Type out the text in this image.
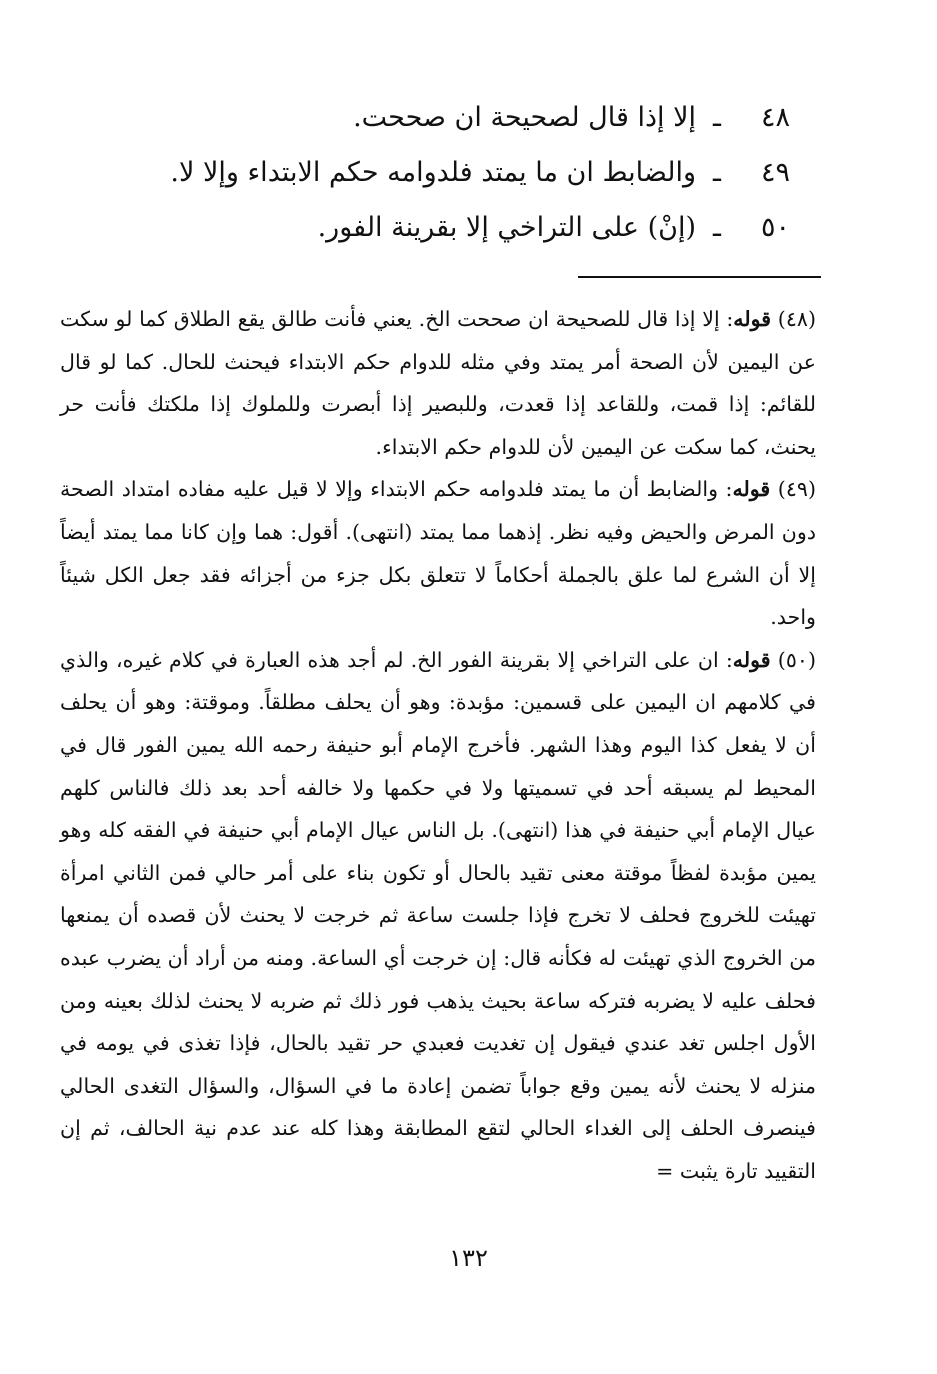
٤٨
ـ
إلا إذا قال لصحيحة ان صححت.
٤٩
ـ
والضابط ان ما يمتد فلدوامه حكم الابتداء وإلا لا.
٥٠
ـ
(إنْ) على التراخي إلا بقرينة الفور.

(٤٨) قوله: إلا إذا قال للصحيحة ان صححت الخ. يعني فأنت طالق يقع الطلاق كما لو سكت عن اليمين لأن الصحة أمر يمتد وفي مثله للدوام حكم الابتداء فيحنث للحال. كما لو قال للقائم: إذا قمت، وللقاعد إذا قعدت، وللبصير إذا أبصرت وللملوك إذا ملكتك فأنت حر يحنث، كما سكت عن اليمين لأن للدوام حكم الابتداء.

(٤٩) قوله: والضابط أن ما يمتد فلدوامه حكم الابتداء وإلا لا قيل عليه مفاده امتداد الصحة دون المرض والحيض وفيه نظر. إذهما مما يمتد (انتهى). أقول: هما وإن كانا مما يمتد أيضاً إلا أن الشرع لما علق بالجملة أحكاماً لا تتعلق بكل جزء من أجزائه فقد جعل الكل شيئاً واحد.

(٥٠) قوله: ان على التراخي إلا بقرينة الفور الخ. لم أجد هذه العبارة في كلام غيره، والذي في كلامهم ان اليمين على قسمين: مؤبدة: وهو أن يحلف مطلقاً. وموقتة: وهو أن يحلف أن لا يفعل كذا اليوم وهذا الشهر. فأخرج الإمام أبو حنيفة رحمه الله يمين الفور قال في المحيط لم يسبقه أحد في تسميتها ولا في حكمها ولا خالفه أحد بعد ذلك فالناس كلهم عيال الإمام أبي حنيفة في هذا (انتهى). بل الناس عيال الإمام أبي حنيفة في الفقه كله وهو يمين مؤبدة لفظاً موقتة معنى تقيد بالحال أو تكون بناء على أمر حالي فمن الثاني امرأة تهيئت للخروج فحلف لا تخرج فإذا جلست ساعة ثم خرجت لا يحنث لأن قصده أن يمنعها من الخروج الذي تهيئت له فكأنه قال: إن خرجت أي الساعة. ومنه من أراد أن يضرب عبده فحلف عليه لا يضربه فتركه ساعة بحيث يذهب فور ذلك ثم ضربه لا يحنث لذلك بعينه ومن الأول اجلس تغد عندي فيقول إن تغديت فعبدي حر تقيد بالحال، فإذا تغذى في يومه في منزله لا يحنث لأنه يمين وقع جواباً تضمن إعادة ما في السؤال، والسؤال التغدى الحالي فينصرف الحلف إلى الغداء الحالي لتقع المطابقة وهذا كله عند عدم نية الحالف، ثم إن التقييد تارة يثبت =

١٣٢
